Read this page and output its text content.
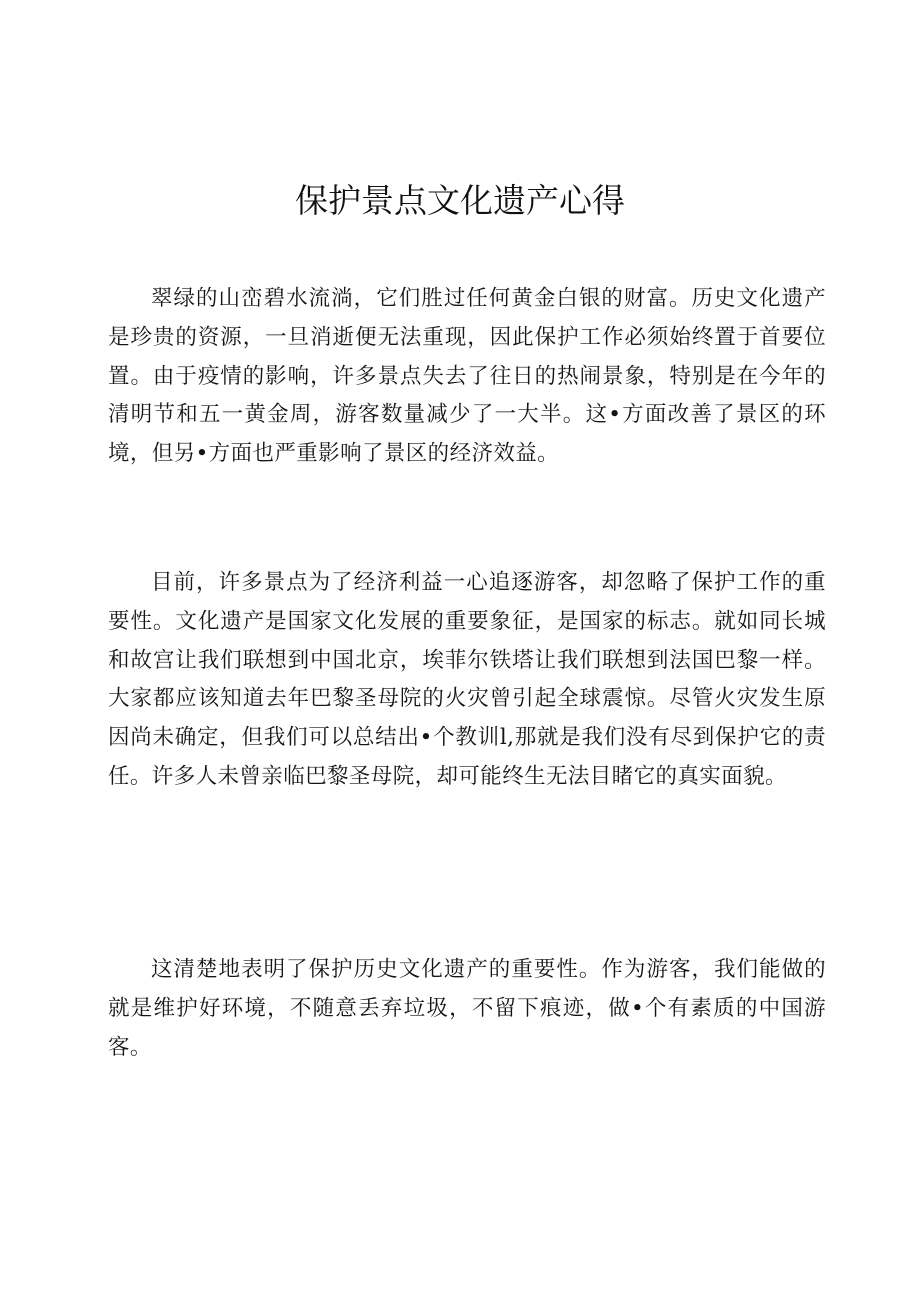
保护景点文化遗产心得

翠绿的山峦碧水流淌，它们胜过任何黄金白银的财富。历史文化遗产是珍贵的资源，一旦消逝便无法重现，因此保护工作必须始终置于首要位置。由于疫情的影响，许多景点失去了往日的热闹景象，特别是在今年的清明节和五一黄金周，游客数量减少了一大半。这•方面改善了景区的环境，但另•方面也严重影响了景区的经济效益。

目前，许多景点为了经济利益一心追逐游客，却忽略了保护工作的重要性。文化遗产是国家文化发展的重要象征，是国家的标志。就如同长城和故宫让我们联想到中国北京，埃菲尔铁塔让我们联想到法国巴黎一样。大家都应该知道去年巴黎圣母院的火灾曾引起全球震惊。尽管火灾发生原因尚未确定，但我们可以总结出•个教训l,那就是我们没有尽到保护它的责任。许多人未曾亲临巴黎圣母院，却可能终生无法目睹它的真实面貌。

这清楚地表明了保护历史文化遗产的重要性。作为游客，我们能做的就是维护好环境，不随意丢弃垃圾，不留下痕迹，做•个有素质的中国游客。
